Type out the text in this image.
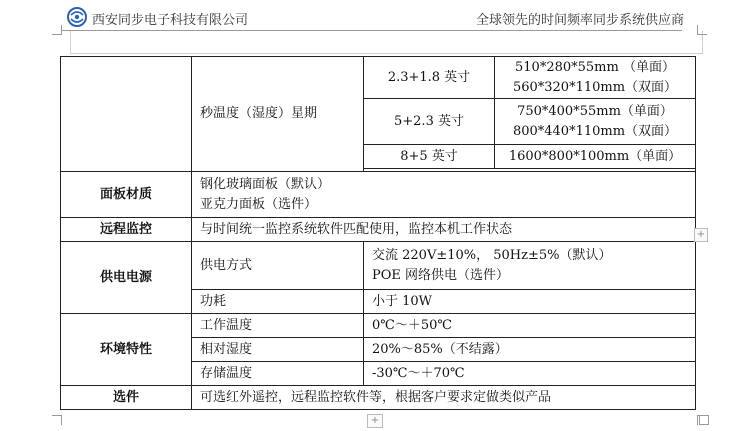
西安同步电子科技有限公司	全球领先的时间频率同步系统供应商
	秒温度（湿度）星期	2.3+1.8 英寸	510*280*55mm （单面）
560*320*110mm（双面）

		5+2.3 英寸	750*400*55mm（单面）
800*440*110mm（双面）

		8+5 英寸	1600*800*100mm（单面）

面板材质	钢化玻璃面板（默认）
亚克力面板（选件）		

远程监控	与时间统一监控系统软件匹配使用，监控本机工作状态		
供电电源	供电方式	交流 220V±10%， 50Hz±5%（默认）
POE 网络供电（选件）	

	功耗	小于 10W	
环境特性	工作温度	0℃～＋50℃	
	相对湿度	20%～85%（不结露）	
	存储温度	-30℃～＋70℃	
选件	可选红外遥控，远程监控软件等，根据客户要求定做类似产品		
+
+
